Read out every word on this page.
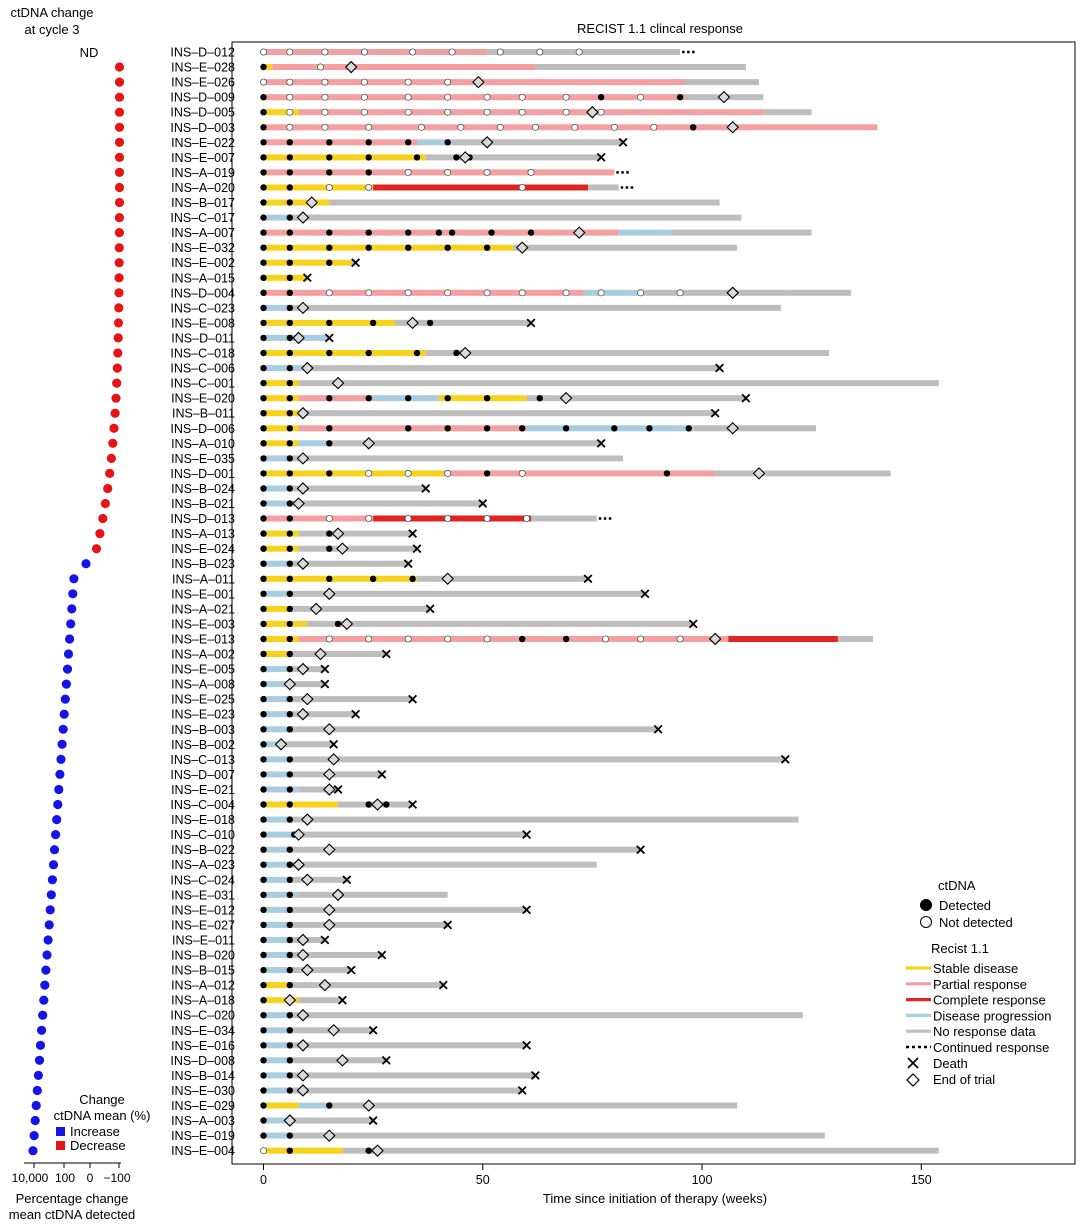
ctDNA change
at cycle 3
ND
Change
ctDNA mean (%)
Increase
Decrease
10,000 100 0 −100
Percentage change
mean ctDNA detected
RECIST 1.1 clincal response
INS–D–012
INS–E–028
INS–E–026
INS–D–009
INS–D–005
INS–D–003
INS–E–022
INS–E–007
INS–A–019
INS–A–020
INS–B–017
INS–C–017
INS–A–007
INS–E–032
INS–E–002
INS–A–015
INS–D–004
INS–C–023
INS–E–008
INS–D–011
INS–C–018
INS–C–006
INS–C–001
INS–E–020
INS–B–011
INS–D–006
INS–A–010
INS–E–035
INS–D–001
INS–B–024
INS–B–021
INS–D–013
INS–A–013
INS–E–024
INS–B–023
INS–A–011
INS–E–001
INS–A–021
INS–E–003
INS–E–013
INS–A–002
INS–E–005
INS–A–008
INS–E–025
INS–E–023
INS–B–003
INS–B–002
INS–C–013
INS–D–007
INS–E–021
INS–C–004
INS–E–018
INS–C–010
INS–B–022
INS–A–023
INS–C–024
INS–E–031
INS–E–012
INS–E–027
INS–E–011
INS–B–020
INS–B–015
INS–A–012
INS–A–018
INS–C–020
INS–E–034
INS–E–016
INS–D–008
INS–B–014
INS–E–030
INS–E–029
INS–A–003
INS–E–019
INS–E–004
0	50	100	150
Time since initiation of therapy (weeks)
ctDNA
Detected
Not detected
Recist 1.1
Stable disease
Partial response
Complete response
Disease progression
No response data
Continued response
Death
End of trial
